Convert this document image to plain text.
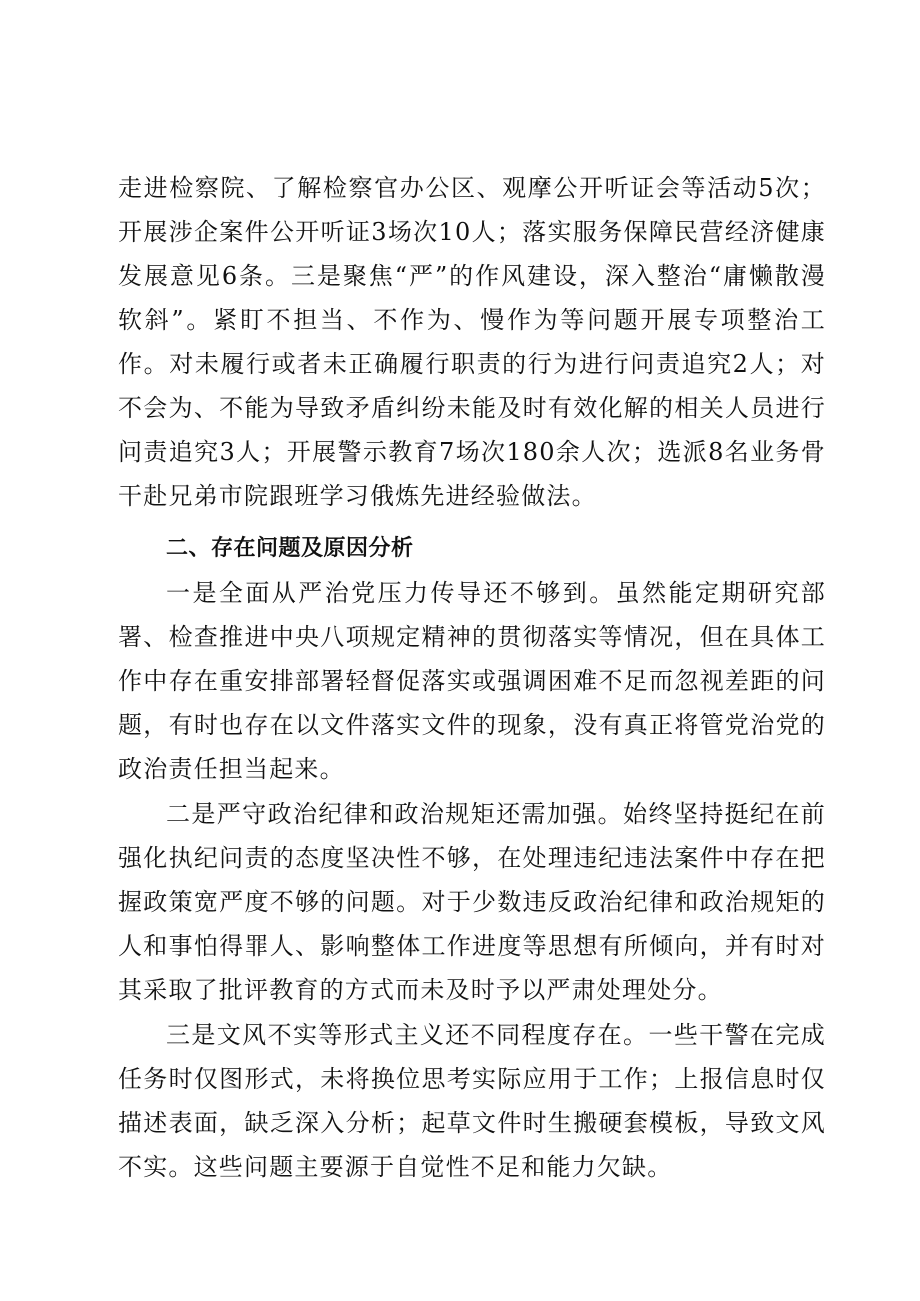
走进检察院、了解检察官办公区、观摩公开听证会等活动5次；开展涉企案件公开听证3场次10人；落实服务保障民营经济健康发展意见6条。三是聚焦“严”的作风建设，深入整治“庸懒散漫软斜”。紧盯不担当、不作为、慢作为等问题开展专项整治工作。对未履行或者未正确履行职责的行为进行问责追究2人；对不会为、不能为导致矛盾纠纷未能及时有效化解的相关人员进行问责追究3人；开展警示教育7场次180余人次；选派8名业务骨干赴兄弟市院跟班学习俄炼先进经验做法。

二、存在问题及原因分析

一是全面从严治党压力传导还不够到。虽然能定期研究部署、检查推进中央八项规定精神的贯彻落实等情况，但在具体工作中存在重安排部署轻督促落实或强调困难不足而忽视差距的问题，有时也存在以文件落实文件的现象，没有真正将管党治党的政治责任担当起来。

二是严守政治纪律和政治规矩还需加强。始终坚持挺纪在前强化执纪问责的态度坚决性不够，在处理违纪违法案件中存在把握政策宽严度不够的问题。对于少数违反政治纪律和政治规矩的人和事怕得罪人、影响整体工作进度等思想有所倾向，并有时对其采取了批评教育的方式而未及时予以严肃处理处分。

三是文风不实等形式主义还不同程度存在。一些干警在完成任务时仅图形式，未将换位思考实际应用于工作；上报信息时仅描述表面，缺乏深入分析；起草文件时生搬硬套模板，导致文风不实。这些问题主要源于自觉性不足和能力欠缺。
